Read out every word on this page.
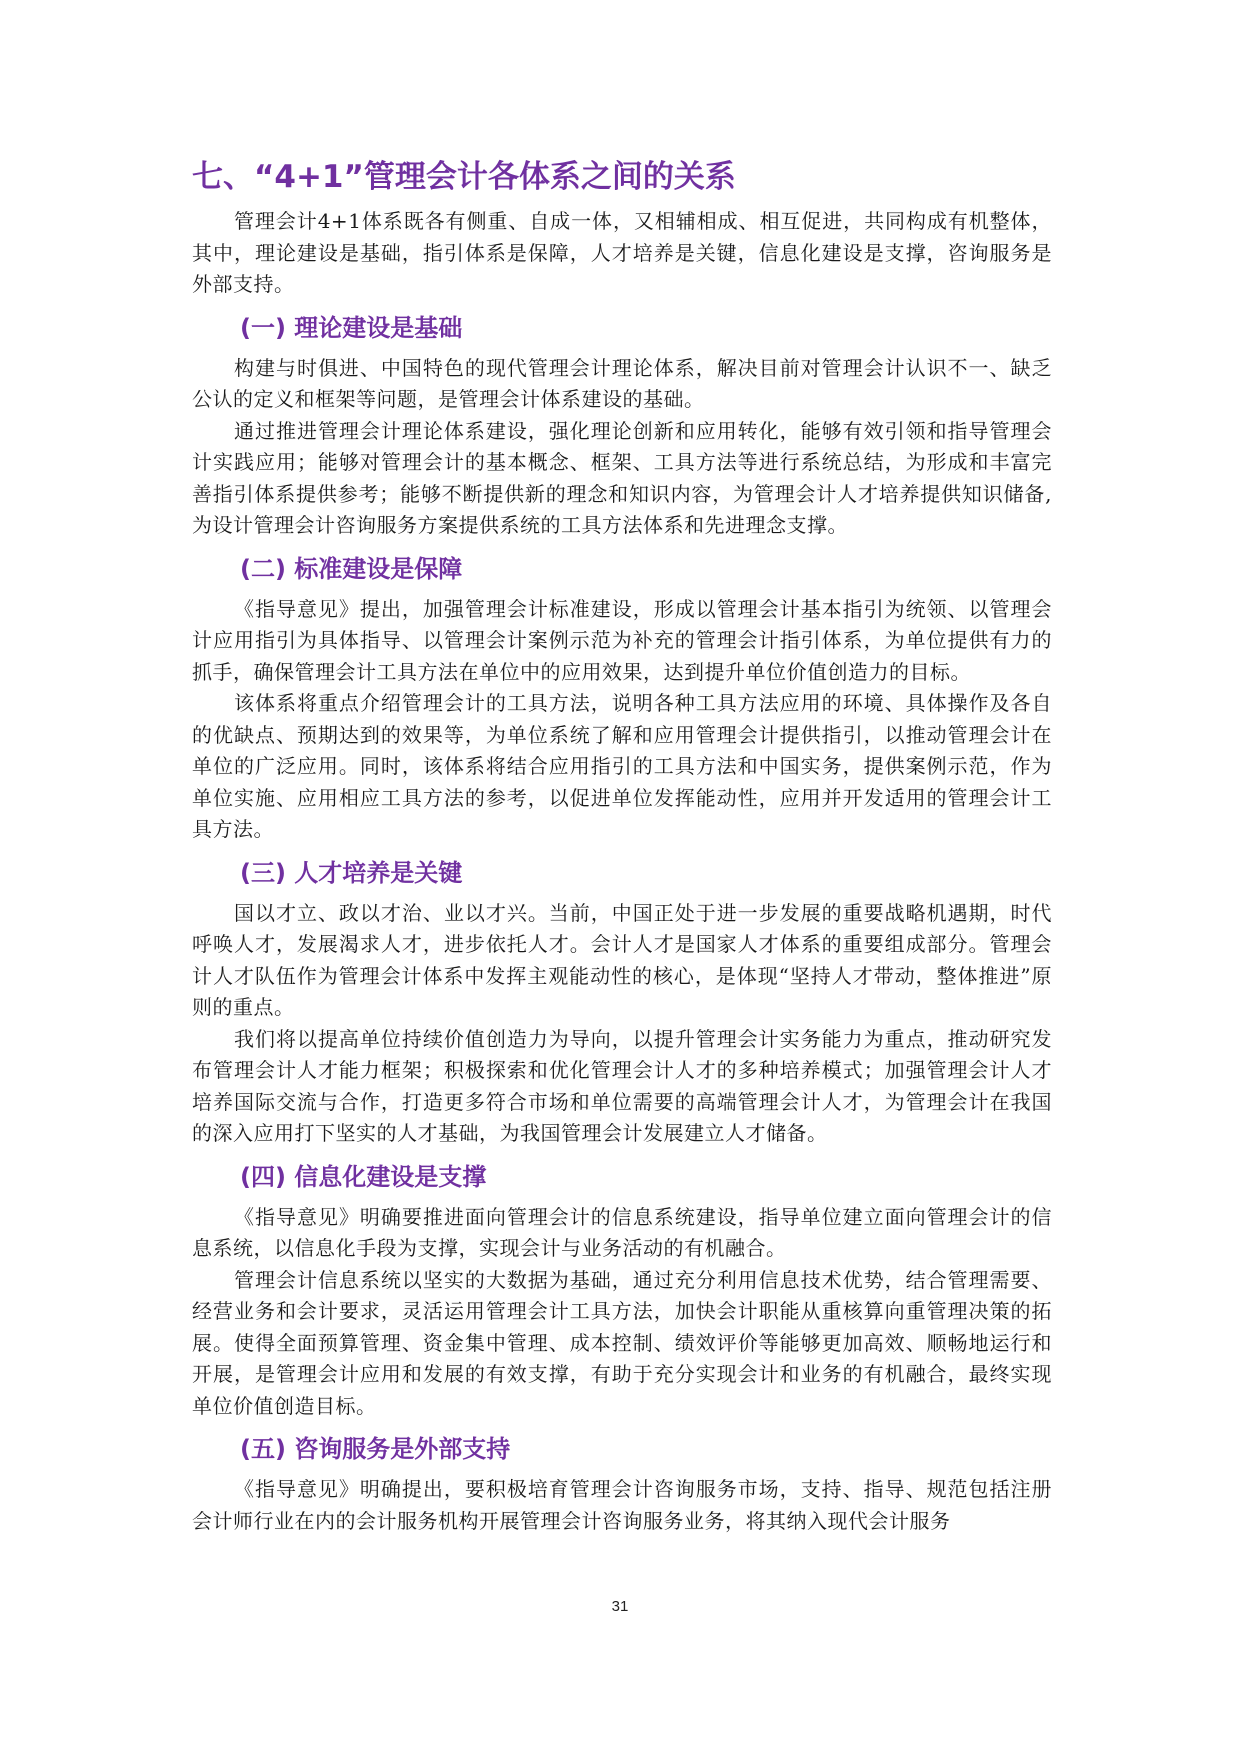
七、“4+1”管理会计各体系之间的关系

管理会计4+1体系既各有侧重、自成一体，又相辅相成、相互促进，共同构成有机整体，其中，理论建设是基础，指引体系是保障，人才培养是关键，信息化建设是支撑，咨询服务是外部支持。

(一) 理论建设是基础

构建与时俱进、中国特色的现代管理会计理论体系，解决目前对管理会计认识不一、缺乏公认的定义和框架等问题，是管理会计体系建设的基础。

通过推进管理会计理论体系建设，强化理论创新和应用转化，能够有效引领和指导管理会计实践应用；能够对管理会计的基本概念、框架、工具方法等进行系统总结，为形成和丰富完善指引体系提供参考；能够不断提供新的理念和知识内容，为管理会计人才培养提供知识储备,为设计管理会计咨询服务方案提供系统的工具方法体系和先进理念支撑。

(二) 标准建设是保障

《指导意见》提出，加强管理会计标准建设，形成以管理会计基本指引为统领、以管理会计应用指引为具体指导、以管理会计案例示范为补充的管理会计指引体系，为单位提供有力的抓手，确保管理会计工具方法在单位中的应用效果，达到提升单位价值创造力的目标。

该体系将重点介绍管理会计的工具方法，说明各种工具方法应用的环境、具体操作及各自的优缺点、预期达到的效果等，为单位系统了解和应用管理会计提供指引，以推动管理会计在单位的广泛应用。同时，该体系将结合应用指引的工具方法和中国实务，提供案例示范，作为单位实施、应用相应工具方法的参考，以促进单位发挥能动性，应用并开发适用的管理会计工具方法。

(三) 人才培养是关键

国以才立、政以才治、业以才兴。当前，中国正处于进一步发展的重要战略机遇期，时代呼唤人才，发展渴求人才，进步依托人才。会计人才是国家人才体系的重要组成部分。管理会计人才队伍作为管理会计体系中发挥主观能动性的核心，是体现“坚持人才带动，整体推进”原则的重点。

我们将以提高单位持续价值创造力为导向，以提升管理会计实务能力为重点，推动研究发布管理会计人才能力框架；积极探索和优化管理会计人才的多种培养模式；加强管理会计人才培养国际交流与合作，打造更多符合市场和单位需要的高端管理会计人才，为管理会计在我国的深入应用打下坚实的人才基础，为我国管理会计发展建立人才储备。

(四) 信息化建设是支撑

《指导意见》明确要推进面向管理会计的信息系统建设，指导单位建立面向管理会计的信息系统，以信息化手段为支撑，实现会计与业务活动的有机融合。

管理会计信息系统以坚实的大数据为基础，通过充分利用信息技术优势，结合管理需要、经营业务和会计要求，灵活运用管理会计工具方法，加快会计职能从重核算向重管理决策的拓展。使得全面预算管理、资金集中管理、成本控制、绩效评价等能够更加高效、顺畅地运行和开展，是管理会计应用和发展的有效支撑，有助于充分实现会计和业务的有机融合，最终实现单位价值创造目标。

(五) 咨询服务是外部支持

《指导意见》明确提出，要积极培育管理会计咨询服务市场，支持、指导、规范包括注册会计师行业在内的会计服务机构开展管理会计咨询服务业务，将其纳入现代会计服务

31
